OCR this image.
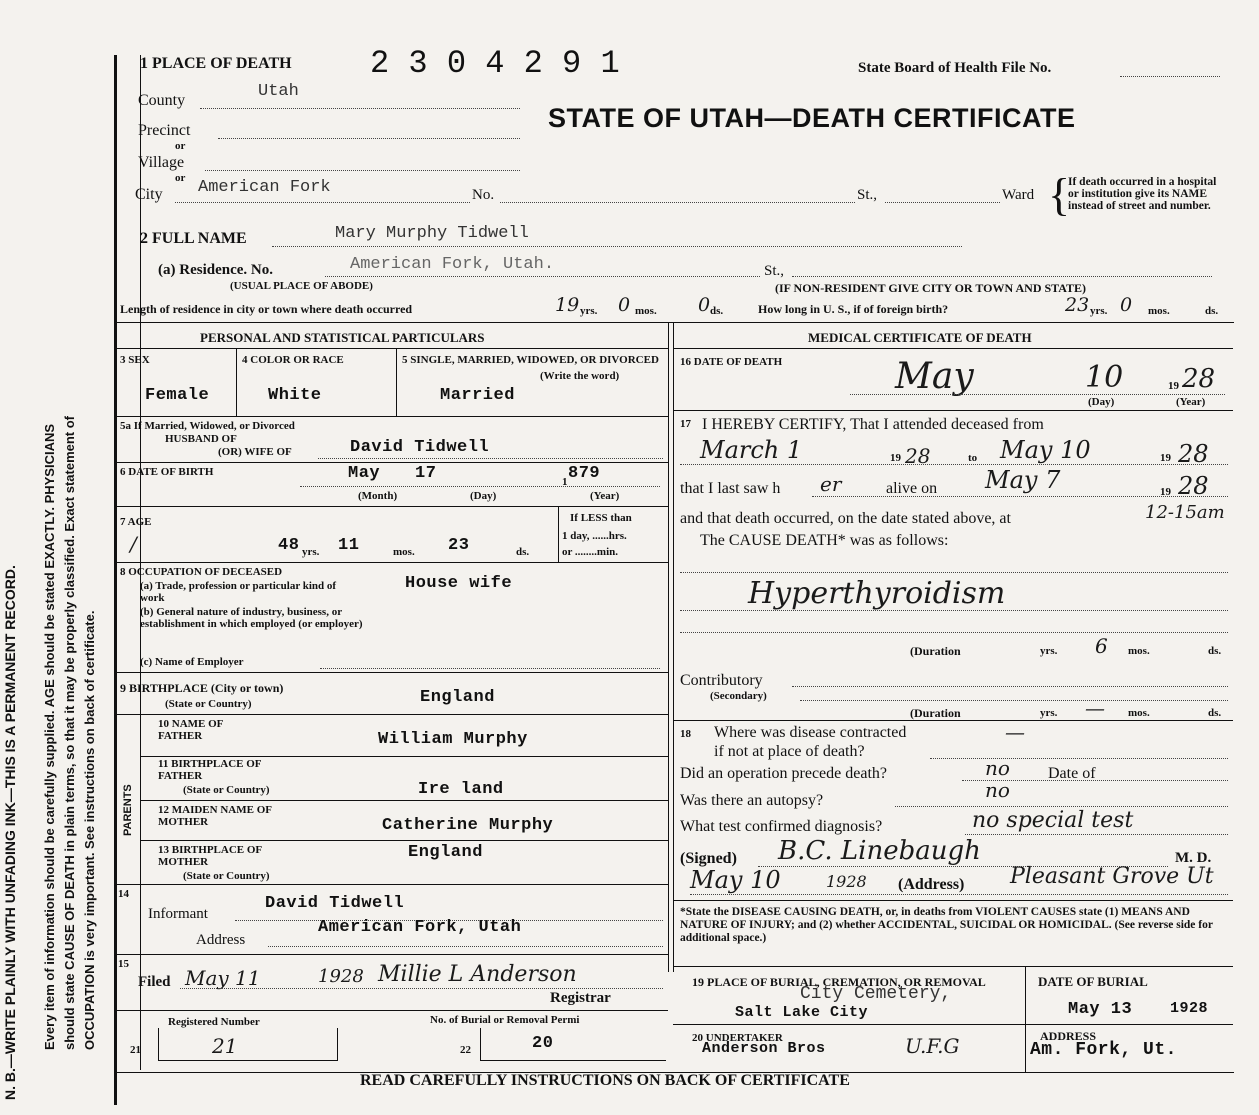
N. B.—WRITE PLAINLY WITH UNFADING INK—THIS IS A PERMANENT RECORD. Every item of information should be carefully supplied. AGE should be stated EXACTLY. PHYSICIANS should state CAUSE OF DEATH in plain terms, so that it may be properly classified. Exact statement of OCCUPATION is very important. See instructions on back of certificate.
1 PLACE OF DEATH 2 3 0 4 2 9 1	State Board of Health File No.
STATE OF UTAH—DEATH CERTIFICATE
County	Utah
Precinct
or
Village
or
City American Fork	No.	St.,	Ward {
If death occurred in a hospital or institution give its NAME instead of street and number.
2 FULL NAME	Mary Murphy Tidwell
(a) Residence. No.	American Fork, Utah.	St.,
(USUAL PLACE OF ABODE)	(IF NON-RESIDENT GIVE CITY OR TOWN AND STATE)
Length of residence in city or town where death occurred	19 yrs. 0 mos. 0 ds.	How long in U. S., if of foreign birth?	23 yrs. 0 mos.	ds.
PERSONAL AND STATISTICAL PARTICULARS
3 SEX	4 COLOR OR RACE	5 SINGLE, MARRIED, WIDOWED, OR DIVORCED
(Write the word)
Female	White	Married
5a If Married, Widowed, or Divorced
HUSBAND OF
(OR) WIFE OF	David Tidwell
6 DATE OF BIRTH	May 17	1 879
(Month)	(Day)	(Year)
7 AGE
/	48 yrs. 11	mos. 23	ds.
If LESS than
1 day, ......hrs.
or ........min.
8 OCCUPATION OF DECEASED
(a) Trade, profession or particular kind of work
House wife
(b) General nature of industry, business, or establishment in which employed (or employer)
(c) Name of Employer
9 BIRTHPLACE (City or town)
(State or Country)	England
PARENTS
10 NAME OF FATHER	William Murphy
11 BIRTHPLACE OF FATHER
(State or Country)	Ire land
12 MAIDEN NAME OF MOTHER	Catherine Murphy
13 BIRTHPLACE OF MOTHER
(State or Country)
England
14	David Tidwell
Informant
American Fork, Utah
Address
15
Filed May 11	1928 Millie L Anderson
Registrar
Registered Number	No. of Burial or Removal Permi
21	21	22	20
MEDICAL CERTIFICATE OF DEATH
16 DATE OF DEATH	May	10	19 28
(Day)	(Year)
17 I HEREBY CERTIFY, That I attended deceased from
March 1	19 28	to May 10	19 28
that I last saw h er	alive on May 7	19 28
and that death occurred, on the date stated above, at	12-15am
The CAUSE DEATH* was as follows:
Hyperthyroidism
(Duration	yrs. 6 mos.	ds.
Contributory
(Secondary)
(Duration	yrs. — mos.	ds.
18 Where was disease contracted	—
if not at place of death?
Did an operation precede death?	no Date of
Was there an autopsy?	no
What test confirmed diagnosis?	no special test
(Signed) B.C. Linebaugh	M. D.
May 10	1928 (Address) Pleasant Grove Ut
*State the DISEASE CAUSING DEATH, or, in deaths from VIOLENT CAUSES state (1) MEANS AND NATURE OF INJURY; and (2) whether ACCIDENTAL, SUICIDAL OR HOMICIDAL. (See reverse side for additional space.)
19 PLACE OF BURIAL, CREMATION, OR REMOVAL
City Cemetery,
Salt Lake City
DATE OF BURIAL
May 13	1928
20 UNDERTAKER
Anderson Bros	U.F.G	ADDRESS
Am. Fork, Ut.
READ CAREFULLY INSTRUCTIONS ON BACK OF CERTIFICATE
